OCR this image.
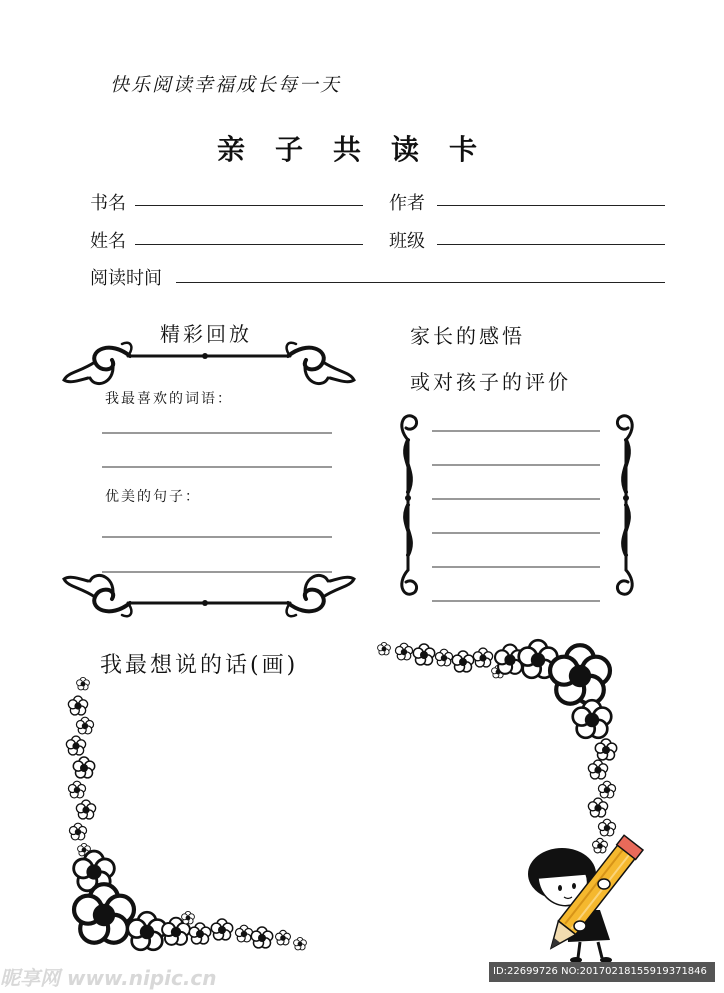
快乐阅读幸福成长每一天
亲子共读卡
书名	作者
姓名	班级
阅读时间
精彩回放
我最喜欢的词语：
优美的句子：
家长的感悟
或对孩子的评价
我最想说的话(画)
昵享网 www.nipic.cn	ID:22699726 NO:20170218155919371846
